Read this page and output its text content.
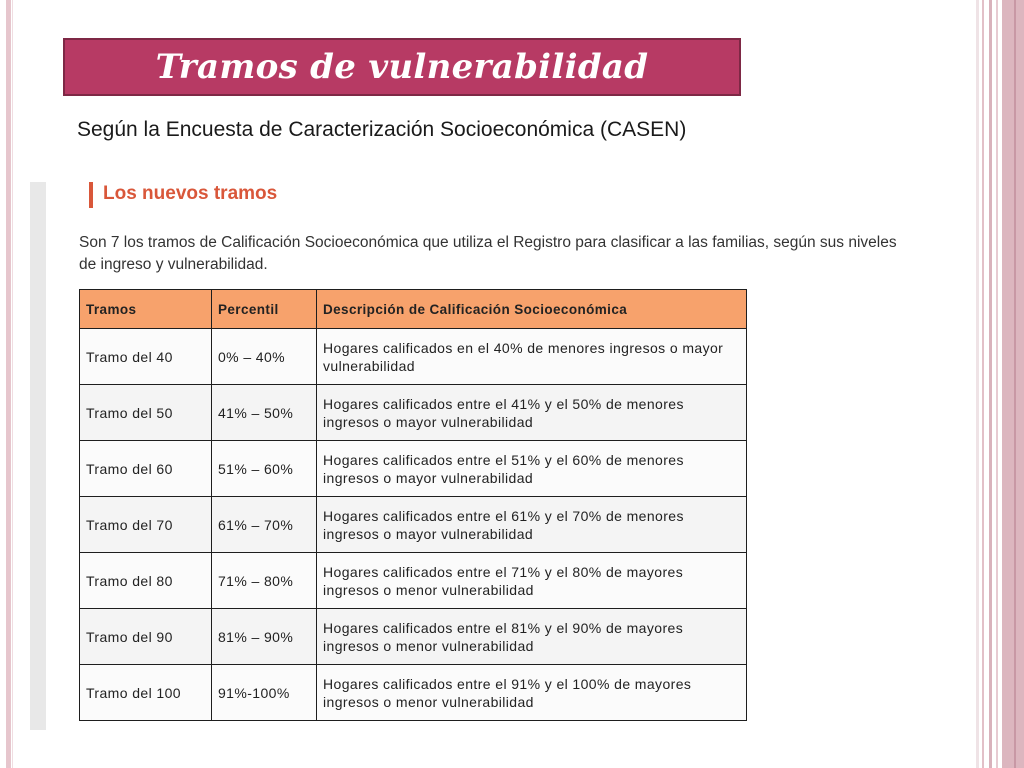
Tramos de vulnerabilidad
Según la Encuesta de Caracterización Socioeconómica (CASEN)
Los nuevos tramos
Son 7 los tramos de Calificación Socioeconómica que utiliza el Registro para clasificar a las familias, según sus niveles de ingreso y vulnerabilidad.
Tramos	Percentil	Descripción de Calificación Socioeconómica
Tramo del 40	0% – 40%	Hogares calificados en el 40% de menores ingresos o mayor vulnerabilidad
Tramo del 50	41% – 50%	Hogares calificados entre el 41% y el 50% de menores ingresos o mayor vulnerabilidad
Tramo del 60	51% – 60%	Hogares calificados entre el 51% y el 60% de menores ingresos o mayor vulnerabilidad
Tramo del 70	61% – 70%	Hogares calificados entre el 61% y el 70% de menores ingresos o mayor vulnerabilidad
Tramo del 80	71% – 80%	Hogares calificados entre el 71% y el 80% de mayores ingresos o menor vulnerabilidad
Tramo del 90	81% – 90%	Hogares calificados entre el 81% y el 90% de mayores ingresos o menor vulnerabilidad
Tramo del 100	91%-100%	Hogares calificados entre el 91% y el 100% de mayores ingresos o menor vulnerabilidad
